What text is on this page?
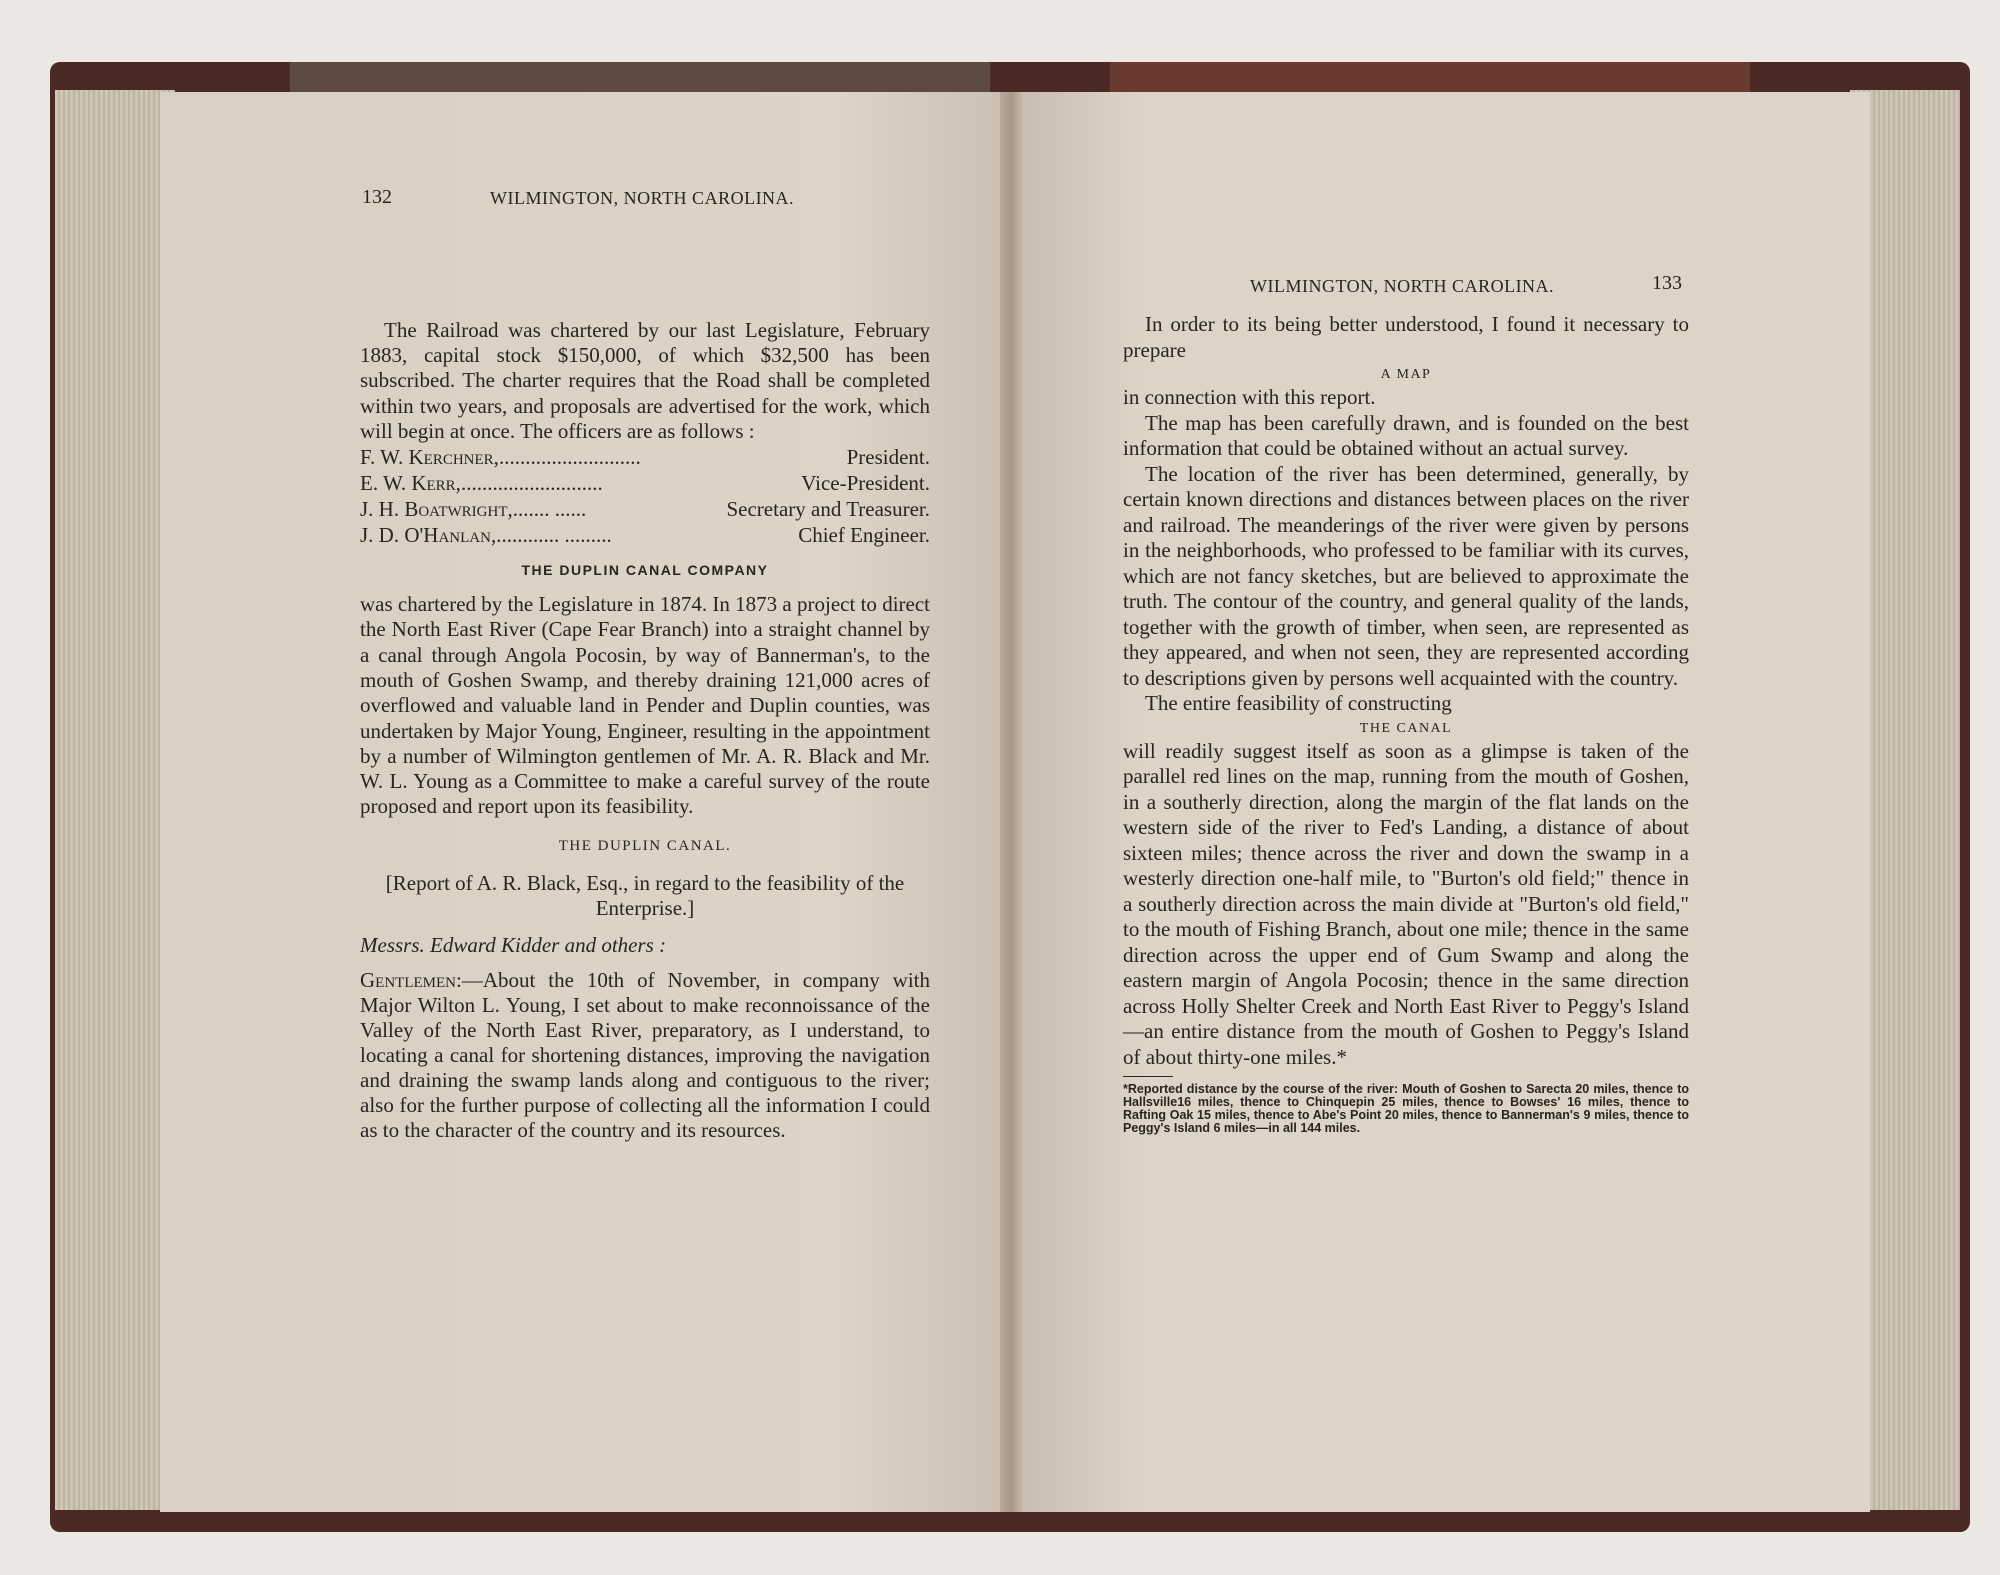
132	WILMINGTON, NORTH CAROLINA.

The Railroad was chartered by our last Legislature, February 1883, capital stock $150,000, of which $32,500 has been subscribed. The charter requires that the Road shall be completed within two years, and proposals are advertised for the work, which will begin at once. The officers are as follows :

F. W. Kerchner, ...........................	President.
E. W. Kerr, ...........................	Vice-President.
J. H. Boatwright, ....... ......	Secretary and Treasurer.
J. D. O'Hanlan, ............ .........	Chief Engineer.
THE DUPLIN CANAL COMPANY

was chartered by the Legislature in 1874. In 1873 a project to direct the North East River (Cape Fear Branch) into a straight channel by a canal through Angola Pocosin, by way of Bannerman's, to the mouth of Goshen Swamp, and thereby draining 121,000 acres of overflowed and valuable land in Pender and Duplin counties, was undertaken by Major Young, Engineer, resulting in the appointment by a number of Wilmington gentlemen of Mr. A. R. Black and Mr. W. L. Young as a Committee to make a careful survey of the route proposed and report upon its feasibility.

THE DUPLIN CANAL.

[Report of A. R. Black, Esq., in regard to the feasibility of the Enterprise.]

Messrs. Edward Kidder and others :

Gentlemen:—About the 10th of November, in company with Major Wilton L. Young, I set about to make reconnoissance of the Valley of the North East River, preparatory, as I understand, to locating a canal for shortening distances, improving the navigation and draining the swamp lands along and contiguous to the river; also for the further purpose of collecting all the information I could as to the character of the country and its resources.

WILMINGTON, NORTH CAROLINA.	133

In order to its being better understood, I found it necessary to prepare

A MAP

in connection with this report.

The map has been carefully drawn, and is founded on the best information that could be obtained without an actual survey.

The location of the river has been determined, generally, by certain known directions and distances between places on the river and railroad. The meanderings of the river were given by persons in the neighborhoods, who professed to be familiar with its curves, which are not fancy sketches, but are believed to approximate the truth. The contour of the country, and general quality of the lands, together with the growth of timber, when seen, are represented as they appeared, and when not seen, they are represented according to descriptions given by persons well acquainted with the country.

The entire feasibility of constructing

THE CANAL

will readily suggest itself as soon as a glimpse is taken of the parallel red lines on the map, running from the mouth of Goshen, in a southerly direction, along the margin of the flat lands on the western side of the river to Fed's Landing, a distance of about sixteen miles; thence across the river and down the swamp in a westerly direction one-half mile, to "Burton's old field;" thence in a southerly direction across the main divide at "Burton's old field," to the mouth of Fishing Branch, about one mile; thence in the same direction across the upper end of Gum Swamp and along the eastern margin of Angola Pocosin; thence in the same direction across Holly Shelter Creek and North East River to Peggy's Island—an entire distance from the mouth of Goshen to Peggy's Island of about thirty-one miles.*

*Reported distance by the course of the river: Mouth of Goshen to Sarecta 20 miles, thence to Hallsville16 miles, thence to Chinquepin 25 miles, thence to Bowses' 16 miles, thence to Rafting Oak 15 miles, thence to Abe's Point 20 miles, thence to Bannerman's 9 miles, thence to Peggy's Island 6 miles—in all 144 miles.
